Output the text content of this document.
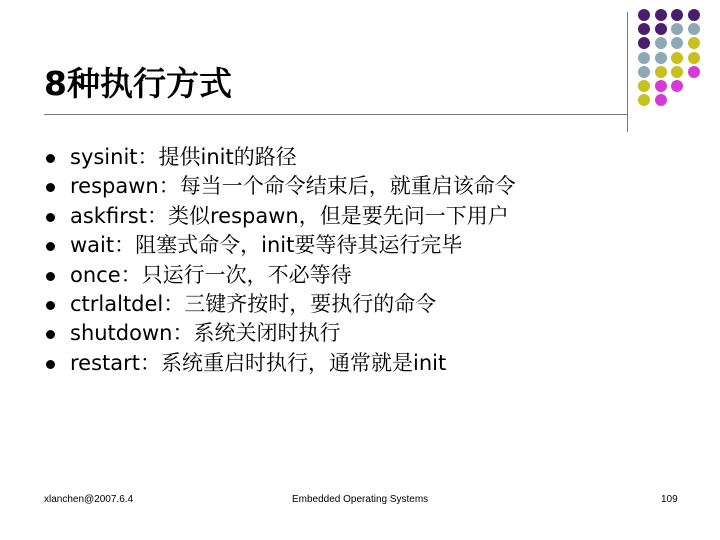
8种执行方式
sysinit：提供init的路径
respawn：每当一个命令结束后，就重启该命令
askfirst：类似respawn，但是要先问一下用户
wait：阻塞式命令，init要等待其运行完毕
once：只运行一次，不必等待
ctrlaltdel：三键齐按时，要执行的命令
shutdown：系统关闭时执行
restart：系统重启时执行，通常就是init
xlanchen@2007.6.4	Embedded Operating Systems	109
